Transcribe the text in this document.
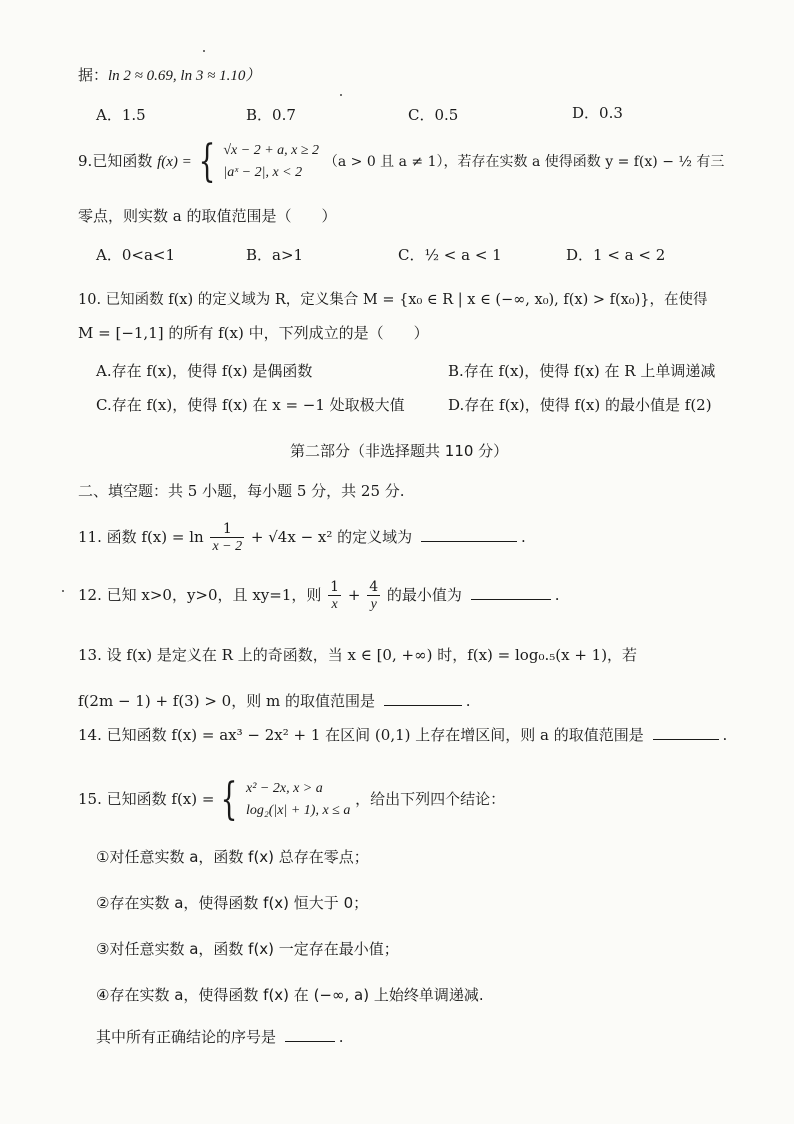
据：ln 2 ≈ 0.69, ln 3 ≈ 1.10）
A．1.5	B．0.7	C．0.5	D．0.3
9.已知函数 f(x) = { √x − 2 + a, x ≥ 2
|aˣ − 2|, x < 2
（a > 0 且 a ≠ 1），若存在实数 a 使得函数 y = f(x) − ½ 有三
零点，则实数 a 的取值范围是（　　）
A．0<a<1	B．a>1	C．½ < a < 1	D．1 < a < 2
10. 已知函数 f(x) 的定义域为 R，定义集合 M = {x₀ ∈ R | x ∈ (−∞, x₀), f(x) > f(x₀)}，在使得
M = [−1,1] 的所有 f(x) 中，下列成立的是（　　）
A.存在 f(x)，使得 f(x) 是偶函数	B.存在 f(x)，使得 f(x) 在 R 上单调递减
C.存在 f(x)，使得 f(x) 在 x = −1 处取极大值	D.存在 f(x)，使得 f(x) 的最小值是 f(2)
第二部分（非选择题共 110 分）
二、填空题：共 5 小题，每小题 5 分，共 25 分.
11. 函数 $f(x) = \ln \frac{1}{x - 2} + √4x - x^2$ 的定义域为	.
12. 已知 x>0，y>0，且 xy=1，则 $\frac{1}{x} + \frac{4}{y}$ 的最小值为	.
13. 设 f(x) 是定义在 R 上的奇函数，当 x ∈ [0, +∞) 时，f(x) = log₀.₅(x + 1)，若
f(2m − 1) + f(3) > 0，则 m 的取值范围是	.
14. 已知函数 f(x) = ax³ − 2x² + 1 在区间 (0,1) 上存在增区间，则 a 的取值范围是	.
15. 已知函数 f(x) = { x² − 2x, x > a
log₂(|x| + 1), x ≤ a
，给出下列四个结论：
①对任意实数 a，函数 f(x) 总存在零点；
②存在实数 a，使得函数 f(x) 恒大于 0；
③对任意实数 a，函数 f(x) 一定存在最小值；
④存在实数 a，使得函数 f(x) 在 (−∞, a) 上始终单调递减.
其中所有正确结论的序号是	.
